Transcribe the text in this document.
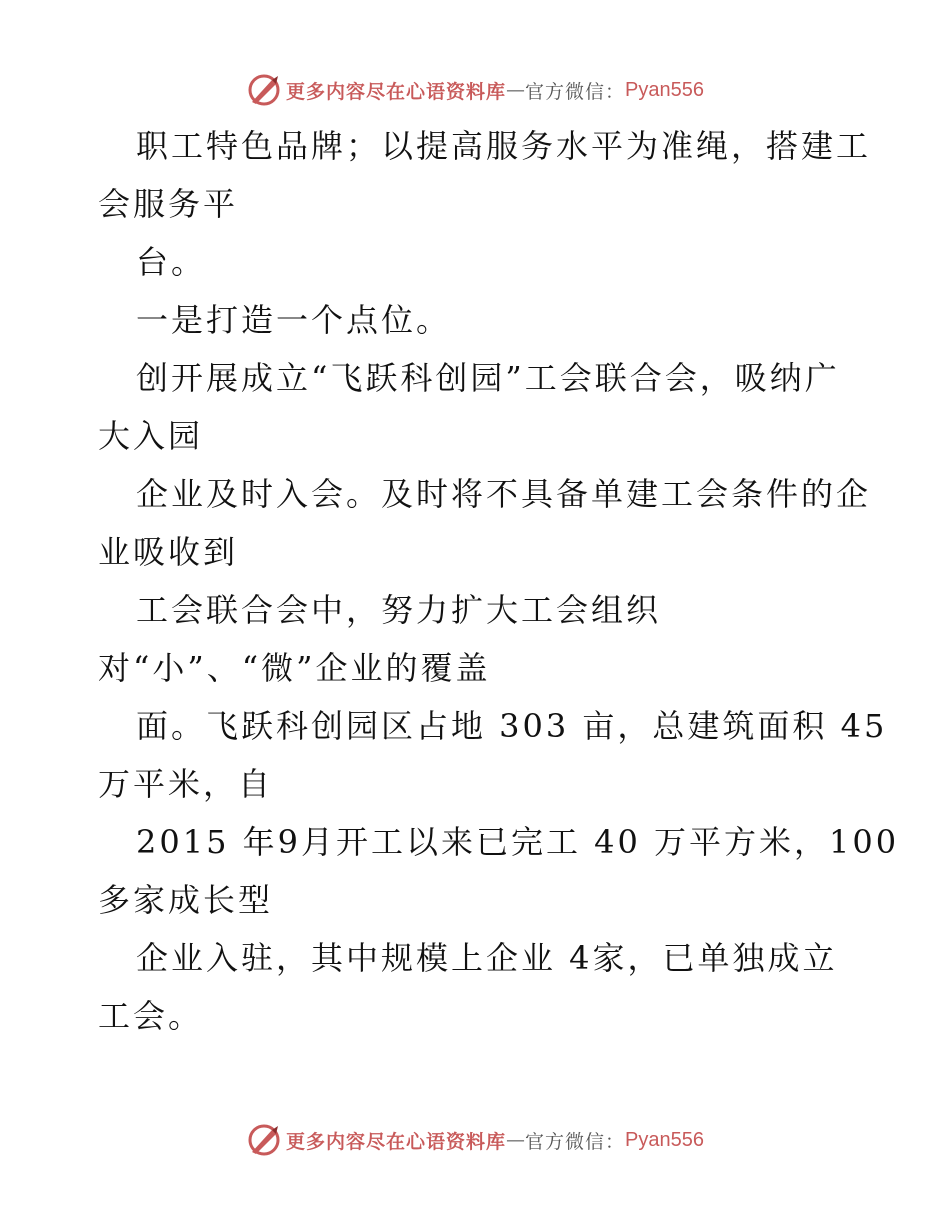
更多内容尽在心语资料库 — 官方微信： Pyan556
职工特色品牌；以提高服务水平为准绳，搭建工
会服务平
台。
一是打造一个点位。
创开展成立“飞跃科创园”工会联合会，吸纳广
大入园
企业及时入会。及时将不具备单建工会条件的企
业吸收到
工会联合会中，努力扩大工会组织
对“小”、“微”企业的覆盖
面。飞跃科创园区占地 303 亩，总建筑面积 45
万平米，自
2015 年9月开工以来已完工 40 万平方米，100
多家成长型
企业入驻，其中规模上企业 4家，已单独成立
工会。
更多内容尽在心语资料库 — 官方微信： Pyan556
